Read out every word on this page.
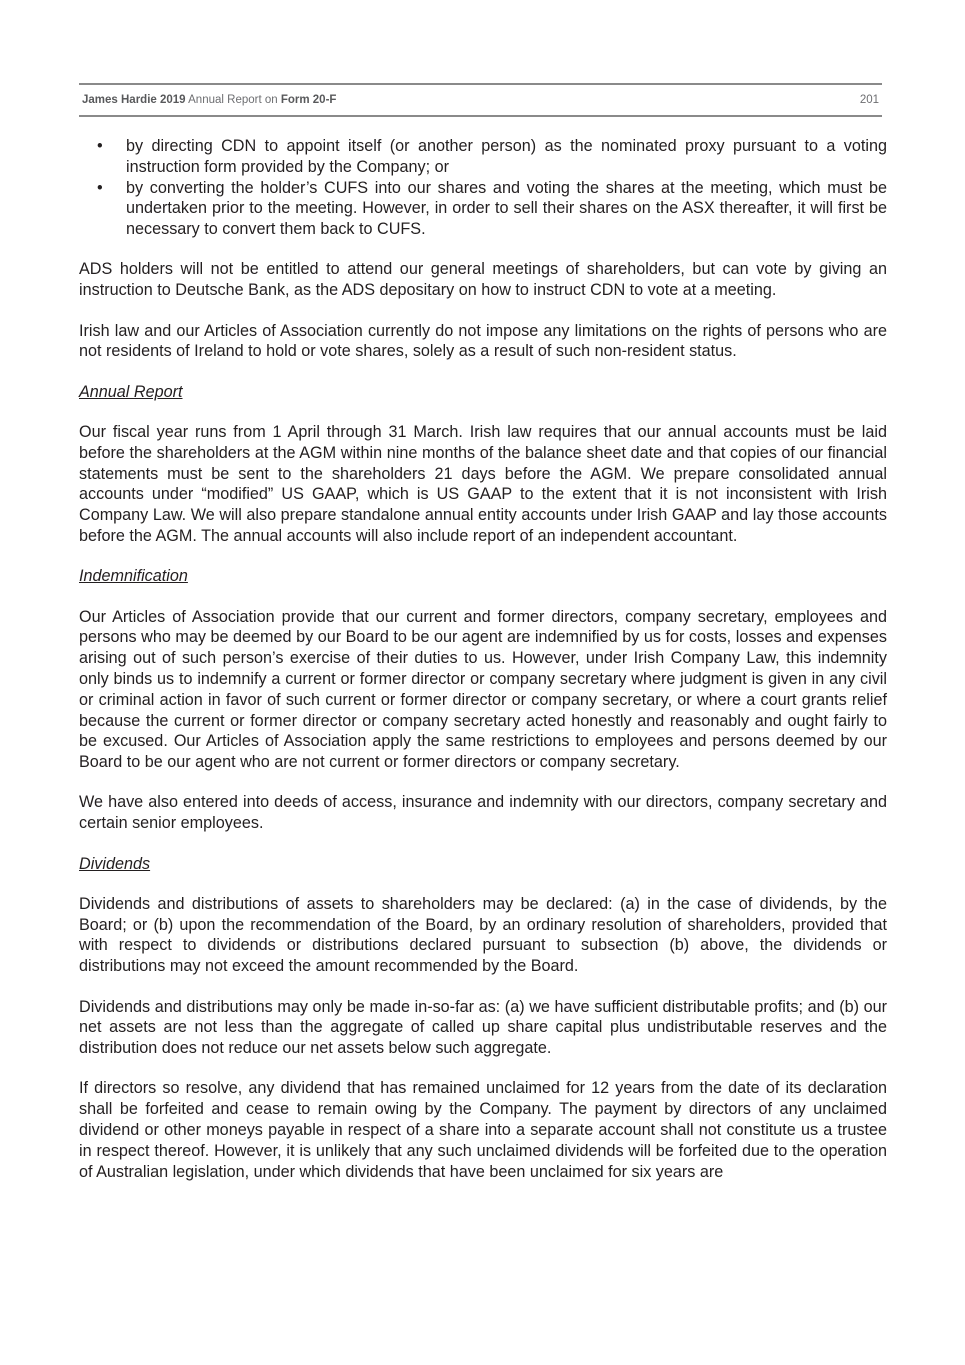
James Hardie 2019 Annual Report on Form 20-F	201
• by directing CDN to appoint itself (or another person) as the nominated proxy pursuant to a voting instruction form provided by the Company; or
• by converting the holder’s CUFS into our shares and voting the shares at the meeting, which must be undertaken prior to the meeting. However, in order to sell their shares on the ASX thereafter, it will first be necessary to convert them back to CUFS.

ADS holders will not be entitled to attend our general meetings of shareholders, but can vote by giving an instruction to Deutsche Bank, as the ADS depositary on how to instruct CDN to vote at a meeting.

Irish law and our Articles of Association currently do not impose any limitations on the rights of persons who are not residents of Ireland to hold or vote shares, solely as a result of such non-resident status.

Annual Report

Our fiscal year runs from 1 April through 31 March. Irish law requires that our annual accounts must be laid before the shareholders at the AGM within nine months of the balance sheet date and that copies of our financial statements must be sent to the shareholders 21 days before the AGM. We prepare consolidated annual accounts under “modified” US GAAP, which is US GAAP to the extent that it is not inconsistent with Irish Company Law. We will also prepare standalone annual entity accounts under Irish GAAP and lay those accounts before the AGM. The annual accounts will also include report of an independent accountant.

Indemnification

Our Articles of Association provide that our current and former directors, company secretary, employees and persons who may be deemed by our Board to be our agent are indemnified by us for costs, losses and expenses arising out of such person’s exercise of their duties to us. However, under Irish Company Law, this indemnity only binds us to indemnify a current or former director or company secretary where judgment is given in any civil or criminal action in favor of such current or former director or company secretary, or where a court grants relief because the current or former director or company secretary acted honestly and reasonably and ought fairly to be excused. Our Articles of Association apply the same restrictions to employees and persons deemed by our Board to be our agent who are not current or former directors or company secretary.

We have also entered into deeds of access, insurance and indemnity with our directors, company secretary and certain senior employees.

Dividends

Dividends and distributions of assets to shareholders may be declared: (a) in the case of dividends, by the Board; or (b) upon the recommendation of the Board, by an ordinary resolution of shareholders, provided that with respect to dividends or distributions declared pursuant to subsection (b) above, the dividends or distributions may not exceed the amount recommended by the Board.

Dividends and distributions may only be made in-so-far as: (a) we have sufficient distributable profits; and (b) our net assets are not less than the aggregate of called up share capital plus undistributable reserves and the distribution does not reduce our net assets below such aggregate.

If directors so resolve, any dividend that has remained unclaimed for 12 years from the date of its declaration shall be forfeited and cease to remain owing by the Company. The payment by directors of any unclaimed dividend or other moneys payable in respect of a share into a separate account shall not constitute us a trustee in respect thereof. However, it is unlikely that any such unclaimed dividends will be forfeited due to the operation of Australian legislation, under which dividends that have been unclaimed for six years are
